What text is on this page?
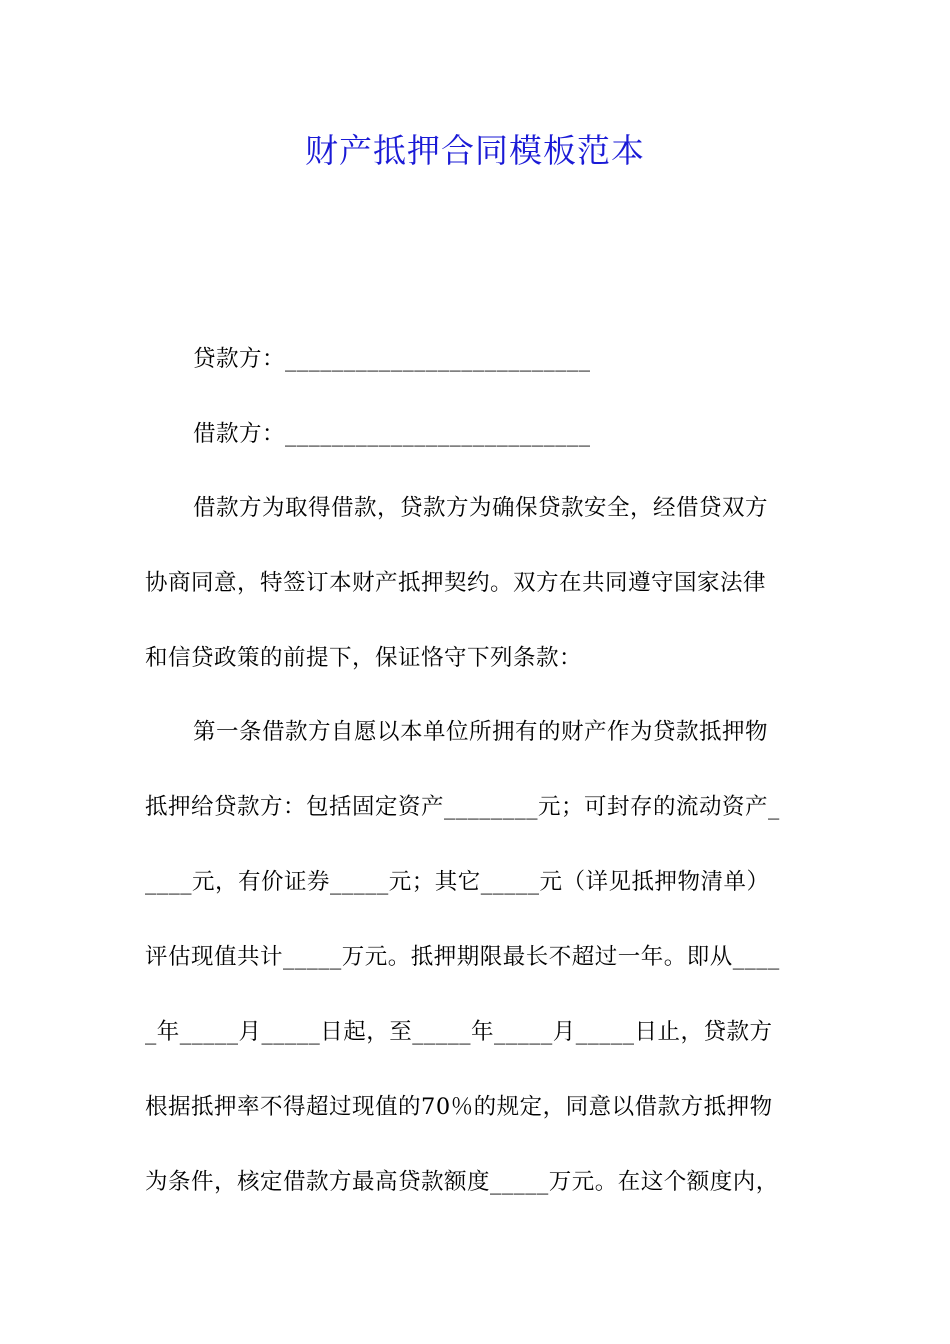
财产抵押合同模板范本
贷款方：__________________________
借款方：__________________________
借款方为取得借款，贷款方为确保贷款安全，经借贷双方
协商同意，特签订本财产抵押契约。双方在共同遵守国家法律
和信贷政策的前提下，保证恪守下列条款：
第一条借款方自愿以本单位所拥有的财产作为贷款抵押物
抵押给贷款方：包括固定资产________元；可封存的流动资产_
____元，有价证券_____元；其它_____元（详见抵押物清单）
评估现值共计_____万元。抵押期限最长不超过一年。即从____
_年_____月_____日起，至_____年_____月_____日止，贷款方
根据抵押率不得超过现值的70％的规定，同意以借款方抵押物
为条件，核定借款方最高贷款额度_____万元。在这个额度内，
